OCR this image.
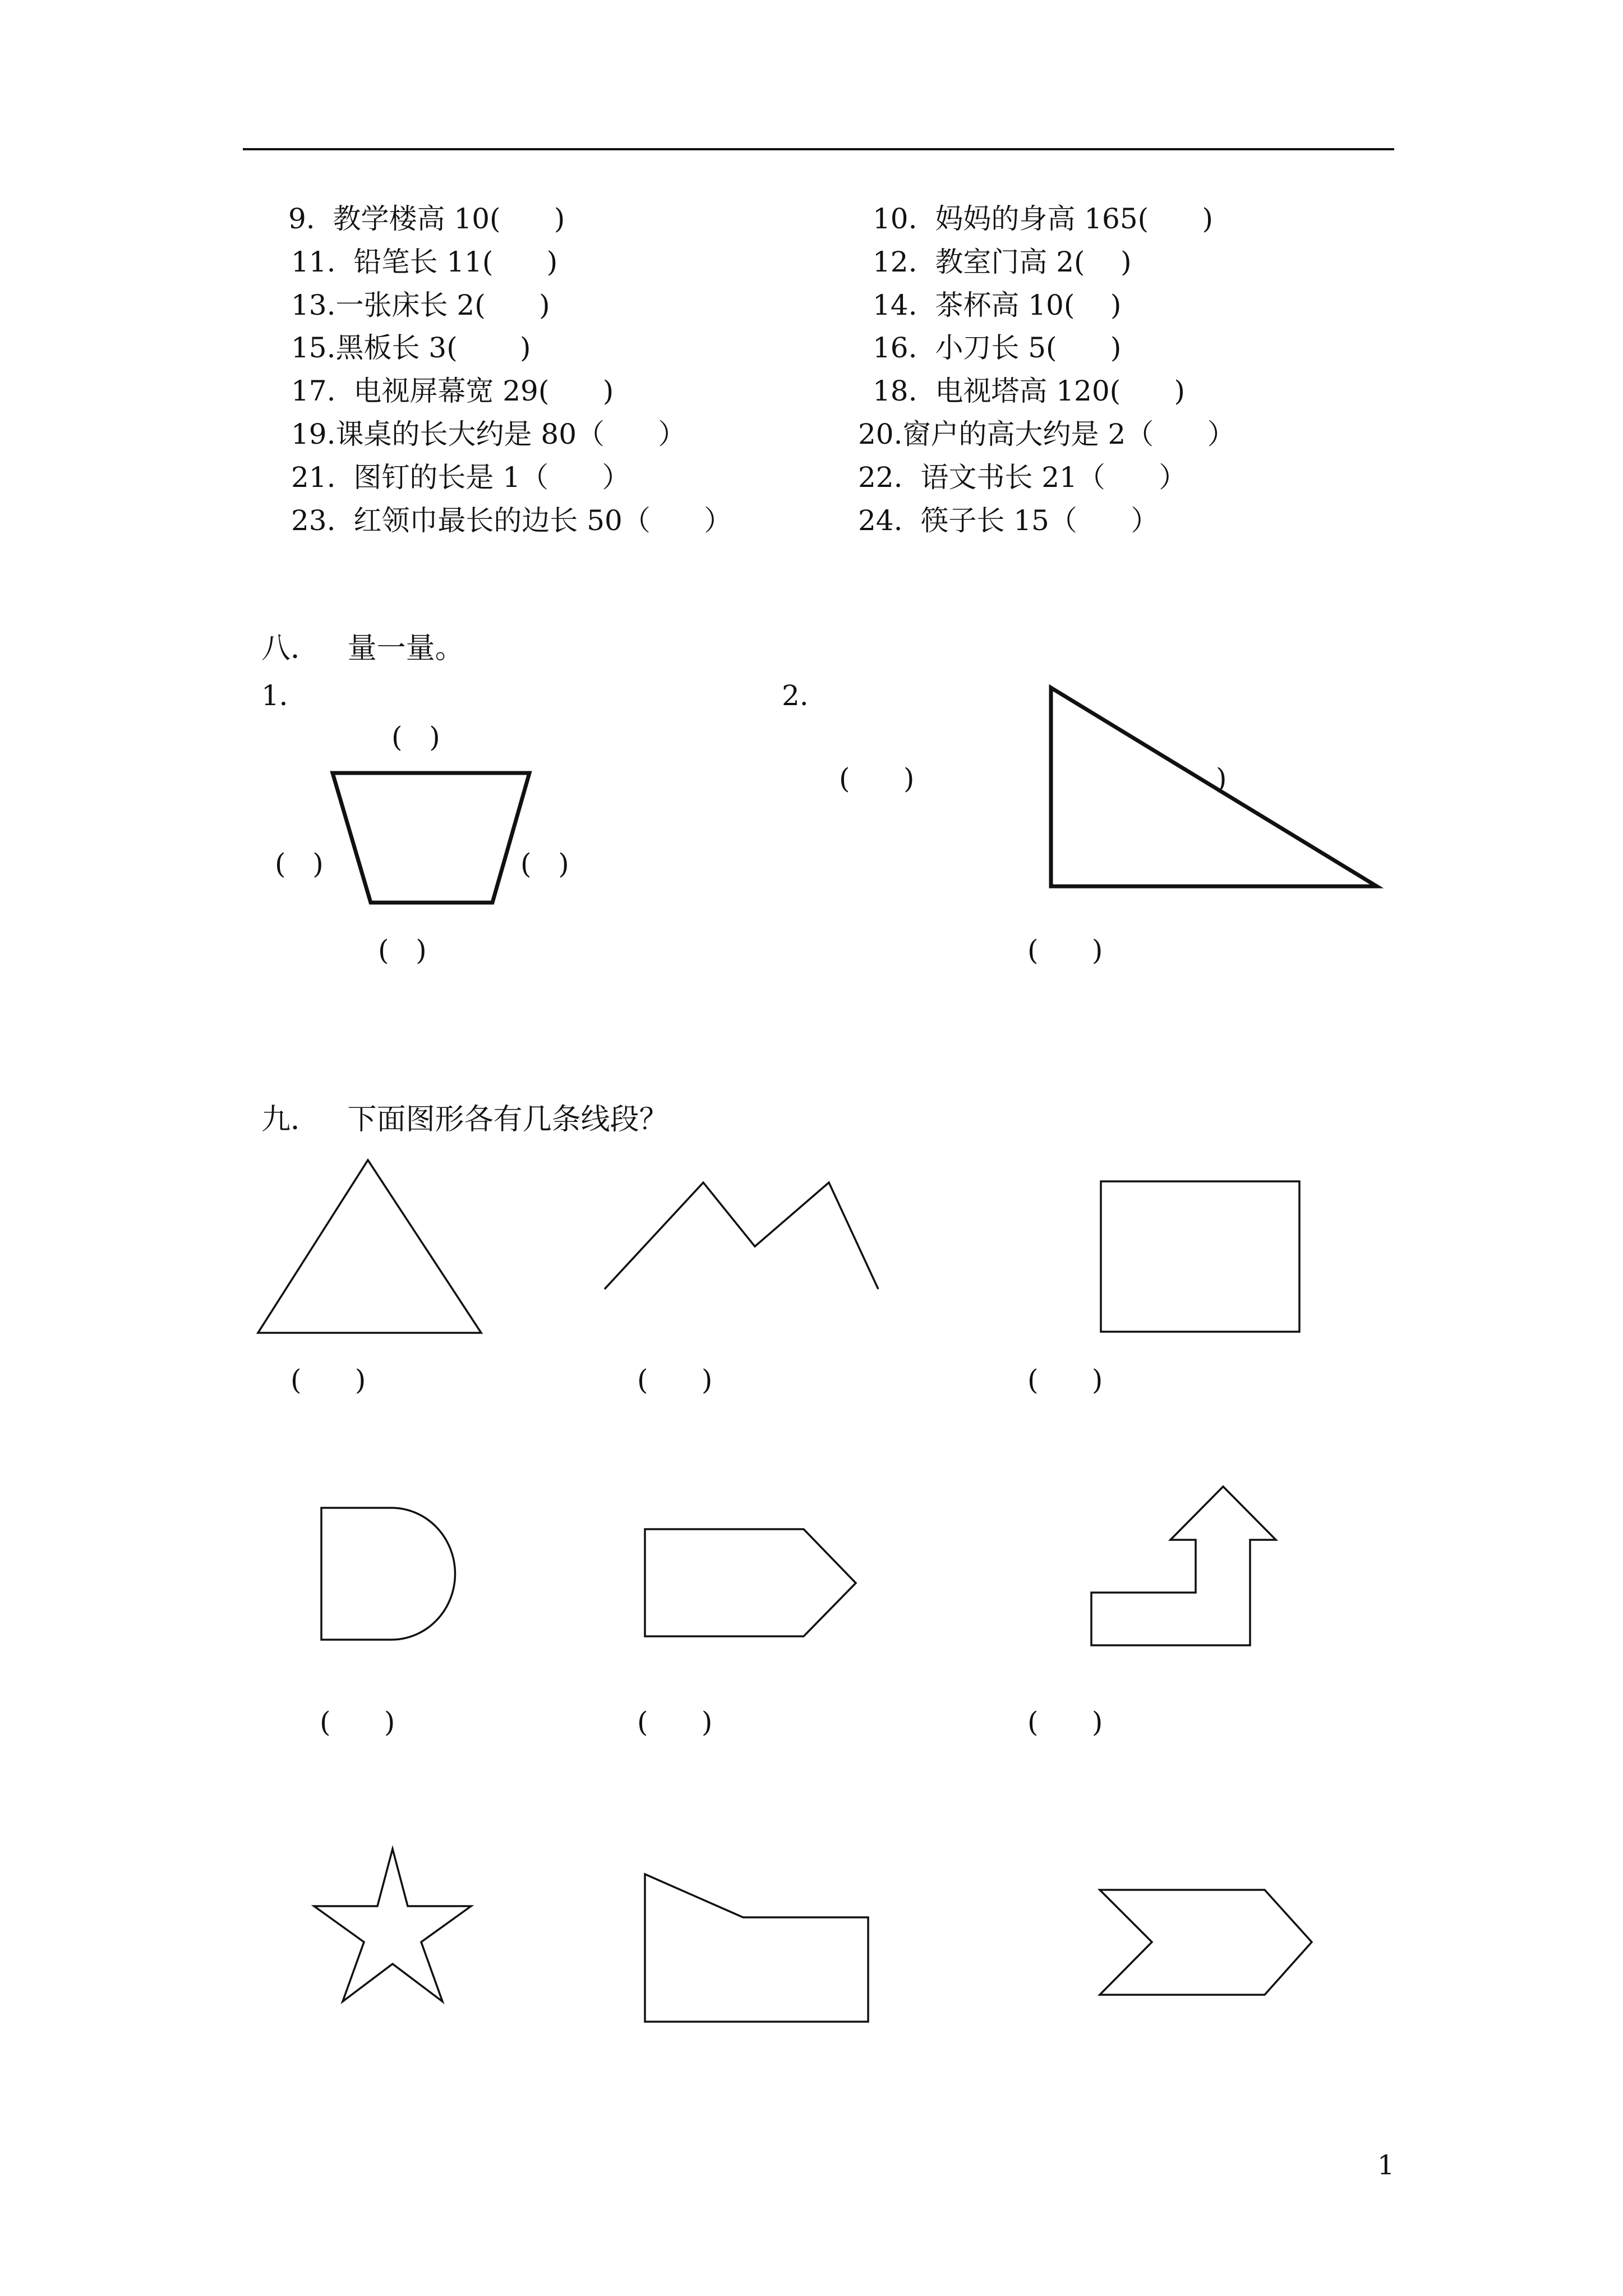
9. 教学楼高 10(      )	10. 妈妈的身高 165(      )
11. 铅笔长 11(      )	12. 教室门高 2(    )
13.一张床长 2(      )	14. 茶杯高 10(    )
15.黑板长 3(       )	16. 小刀长 5(      )
17. 电视屏幕宽 29(      )	18. 电视塔高 120(      )
19.课桌的长大约是 80（      ）	20.窗户的高大约是 2（      ）
21. 图钉的长是 1（      ）	22. 语文书长 21（      ）
23. 红领巾最长的边长 50（      ）	24. 筷子长 15（      ）
八．   量一量。
1．	2.
(   )
(   )	(   )
(   )
(      )	)
(      )
九．   下面图形各有几条线段？
(      )	(      )	(      )
(      )	(      )	(      )
1
